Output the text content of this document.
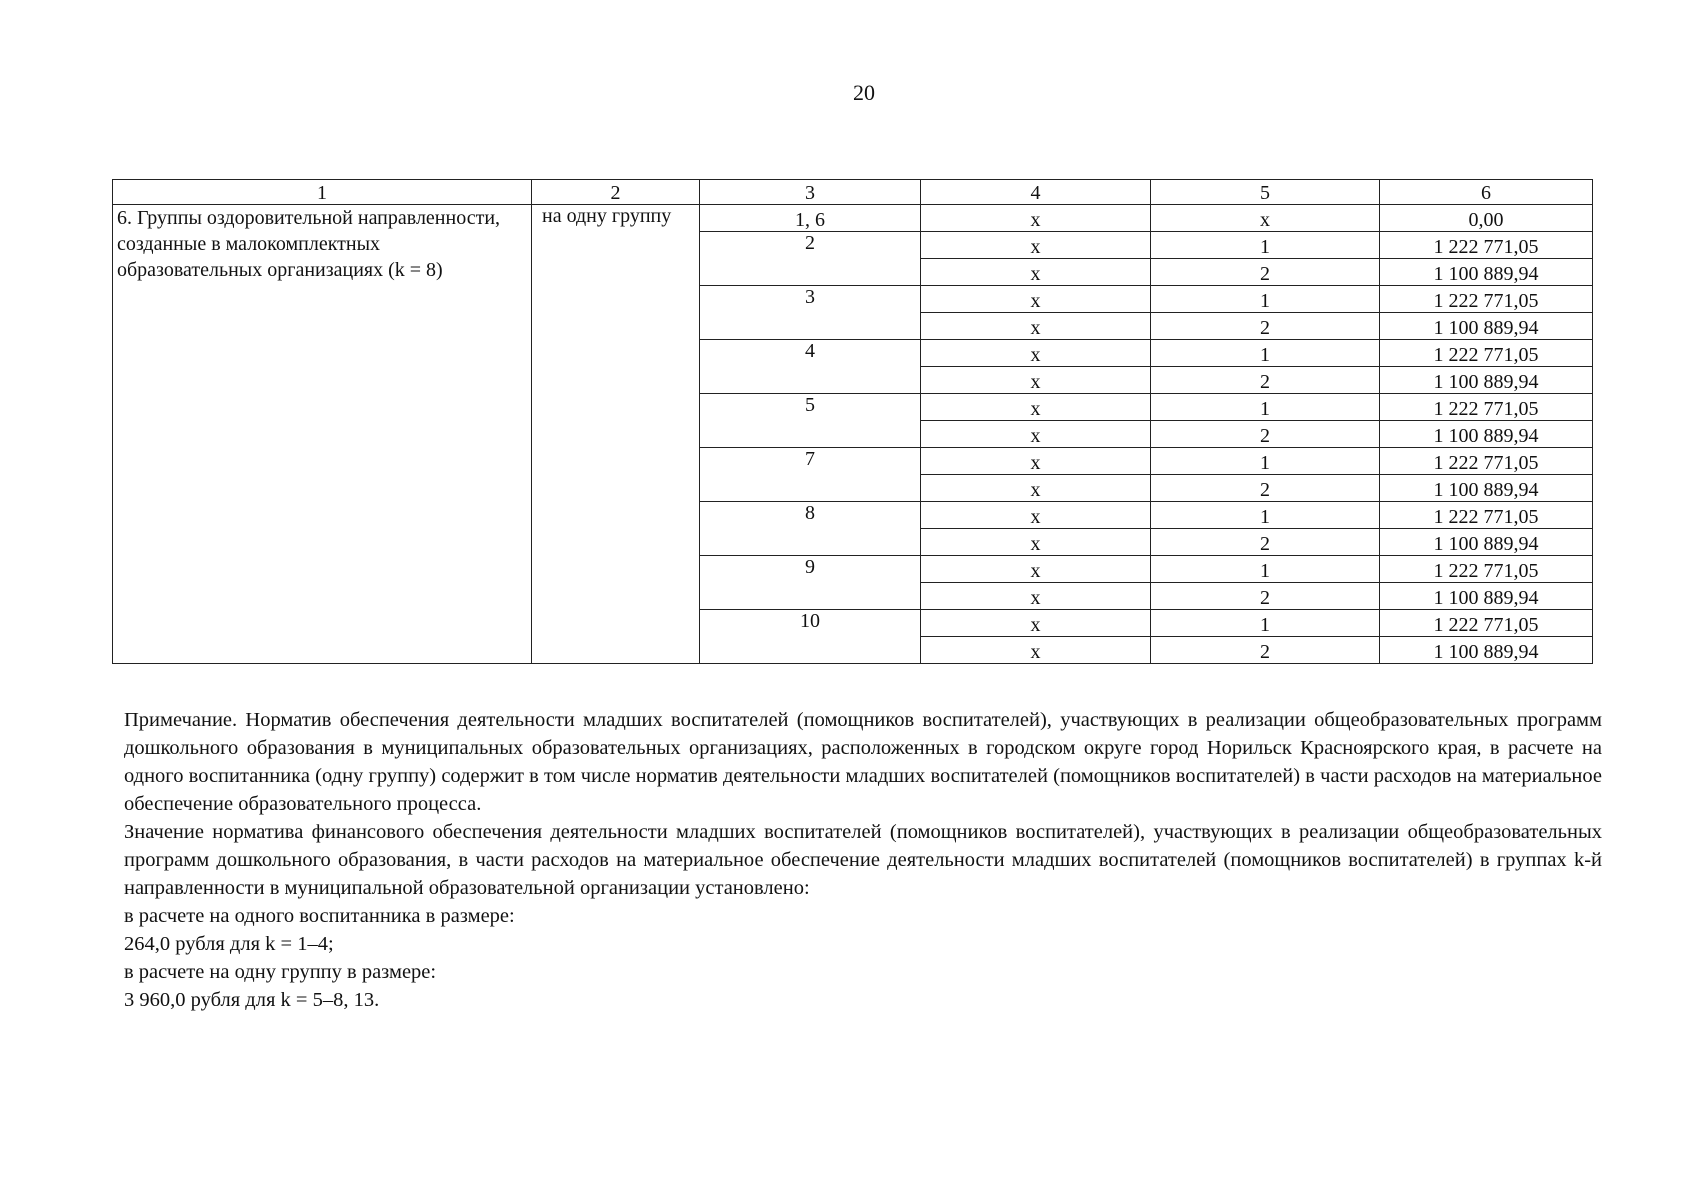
20
1	2	3	4	5	6
6. Группы оздоровительной направленности, созданные в малокомплектных образовательных организациях (k = 8)	на одну группу	1, 6	х	х	0,00
		2	х	1	1 222 771,05
			х	2	1 100 889,94
		3	х	1	1 222 771,05
			х	2	1 100 889,94
		4	х	1	1 222 771,05
			х	2	1 100 889,94
		5	х	1	1 222 771,05
			х	2	1 100 889,94
		7	х	1	1 222 771,05
			х	2	1 100 889,94
		8	х	1	1 222 771,05
			х	2	1 100 889,94
		9	х	1	1 222 771,05
			х	2	1 100 889,94
		10	х	1	1 222 771,05
			х	2	1 100 889,94

Примечание. Норматив обеспечения деятельности младших воспитателей (помощников воспитателей), участвующих в реализации общеобразовательных программ дошкольного образования в муниципальных образовательных организациях, расположенных в городском округе город Норильск Красноярского края, в расчете на одного воспитанника (одну группу) содержит в том числе норматив деятельности младших воспитателей (помощников воспитателей) в части расходов на материальное обеспечение образовательного процесса.

Значение норматива финансового обеспечения деятельности младших воспитателей (помощников воспитателей), участвующих в реализации общеобразовательных программ дошкольного образования, в части расходов на материальное обеспечение деятельности младших воспитателей (помощников воспитателей) в группах k-й направленности в муниципальной образовательной организации установлено:

в расчете на одного воспитанника в размере:

264,0 рубля для k = 1–4;

в расчете на одну группу в размере:

3 960,0 рубля для k = 5–8, 13.
